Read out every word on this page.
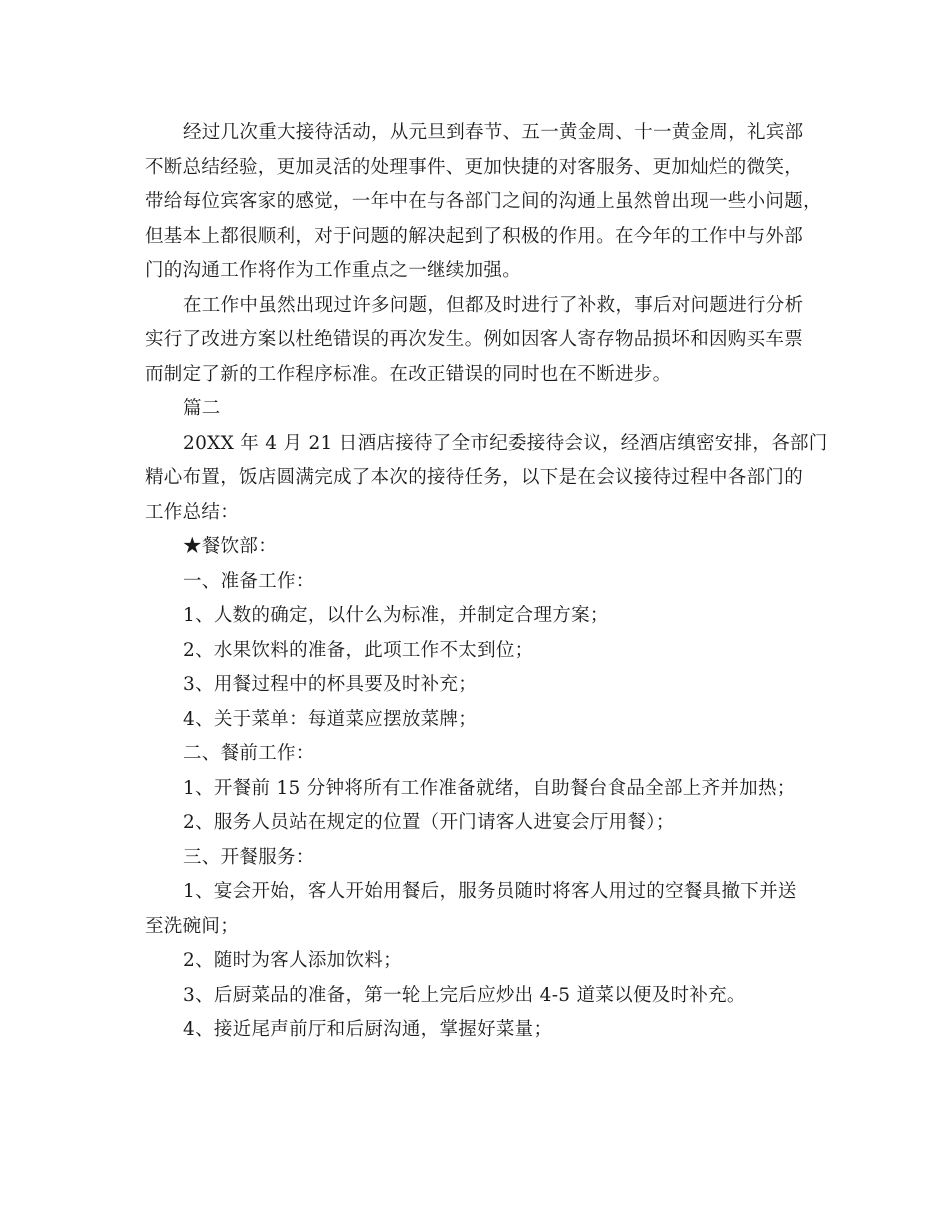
经过几次重大接待活动，从元旦到春节、五一黄金周、十一黄金周，礼宾部
不断总结经验，更加灵活的处理事件、更加快捷的对客服务、更加灿烂的微笑，
带给每位宾客家的感觉，一年中在与各部门之间的沟通上虽然曾出现一些小问题，
但基本上都很顺利，对于问题的解决起到了积极的作用。在今年的工作中与外部
门的沟通工作将作为工作重点之一继续加强。
在工作中虽然出现过许多问题，但都及时进行了补救，事后对问题进行分析
实行了改进方案以杜绝错误的再次发生。例如因客人寄存物品损坏和因购买车票
而制定了新的工作程序标准。在改正错误的同时也在不断进步。
篇二
20XX 年 4 月 21 日酒店接待了全市纪委接待会议，经酒店缜密安排，各部门
精心布置，饭店圆满完成了本次的接待任务，以下是在会议接待过程中各部门的
工作总结：
★餐饮部：
一、准备工作：
1、人数的确定，以什么为标准，并制定合理方案；
2、水果饮料的准备，此项工作不太到位；
3、用餐过程中的杯具要及时补充；
4、关于菜单：每道菜应摆放菜牌；
二、餐前工作：
1、开餐前 15 分钟将所有工作准备就绪，自助餐台食品全部上齐并加热；
2、服务人员站在规定的位置（开门请客人进宴会厅用餐）；
三、开餐服务：
1、宴会开始，客人开始用餐后，服务员随时将客人用过的空餐具撤下并送
至洗碗间；
2、随时为客人添加饮料；
3、后厨菜品的准备，第一轮上完后应炒出 4-5 道菜以便及时补充。
4、接近尾声前厅和后厨沟通，掌握好菜量；
